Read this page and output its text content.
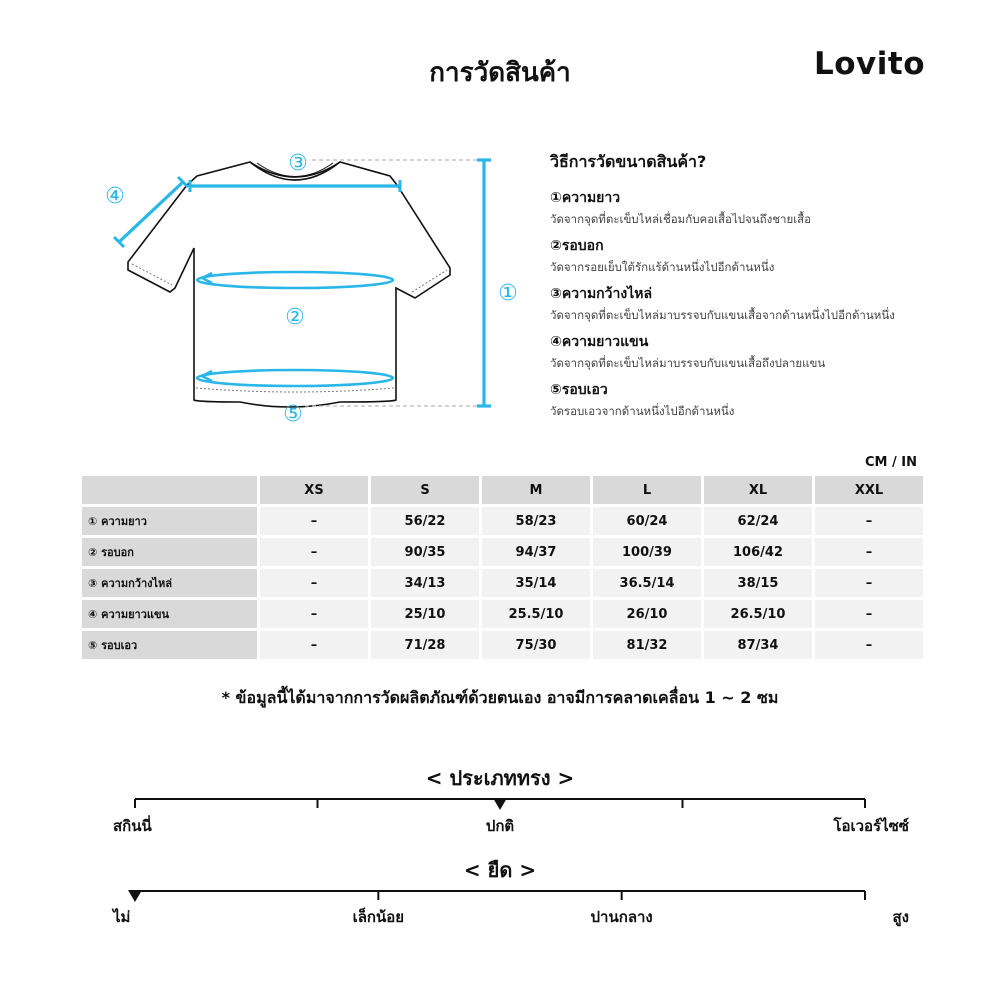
การวัดสินค้า	Lovito
①
②
③
④
⑤
วิธีการวัดขนาดสินค้า?
①ความยาว
วัดจากจุดที่ตะเข็บไหล่เชื่อมกับคอเสื้อไปจนถึงชายเสื้อ
②รอบอก
วัดจากรอยเย็บใต้รักแร้ด้านหนึ่งไปอีกด้านหนึ่ง
③ความกว้างไหล่
วัดจากจุดที่ตะเข็บไหล่มาบรรจบกับแขนเสื้อจากด้านหนึ่งไปอีกด้านหนึ่ง
④ความยาวแขน
วัดจากจุดที่ตะเข็บไหล่มาบรรจบกับแขนเสื้อถึงปลายแขน
⑤รอบเอว
วัดรอบเอวจากด้านหนึ่งไปอีกด้านหนึ่ง
CM / IN
	XS	S	M	L	XL	XXL
① ความยาว	–	56/22	58/23	60/24	62/24	–
② รอบอก	–	90/35	94/37	100/39	106/42	–
③ ความกว้างไหล่	–	34/13	35/14	36.5/14	38/15	–
④ ความยาวแขน	–	25/10	25.5/10	26/10	26.5/10	–
⑤ รอบเอว	–	71/28	75/30	81/32	87/34	–
* ข้อมูลนี้ได้มาจากการวัดผลิตภัณฑ์ด้วยตนเอง อาจมีการคลาดเคลื่อน 1 ~ 2 ซม
< ประเภททรง >
สกินนี่	ปกติ	โอเวอร์ไซซ์
< ยืด >
ไม่	เล็กน้อย	ปานกลาง	สูง
